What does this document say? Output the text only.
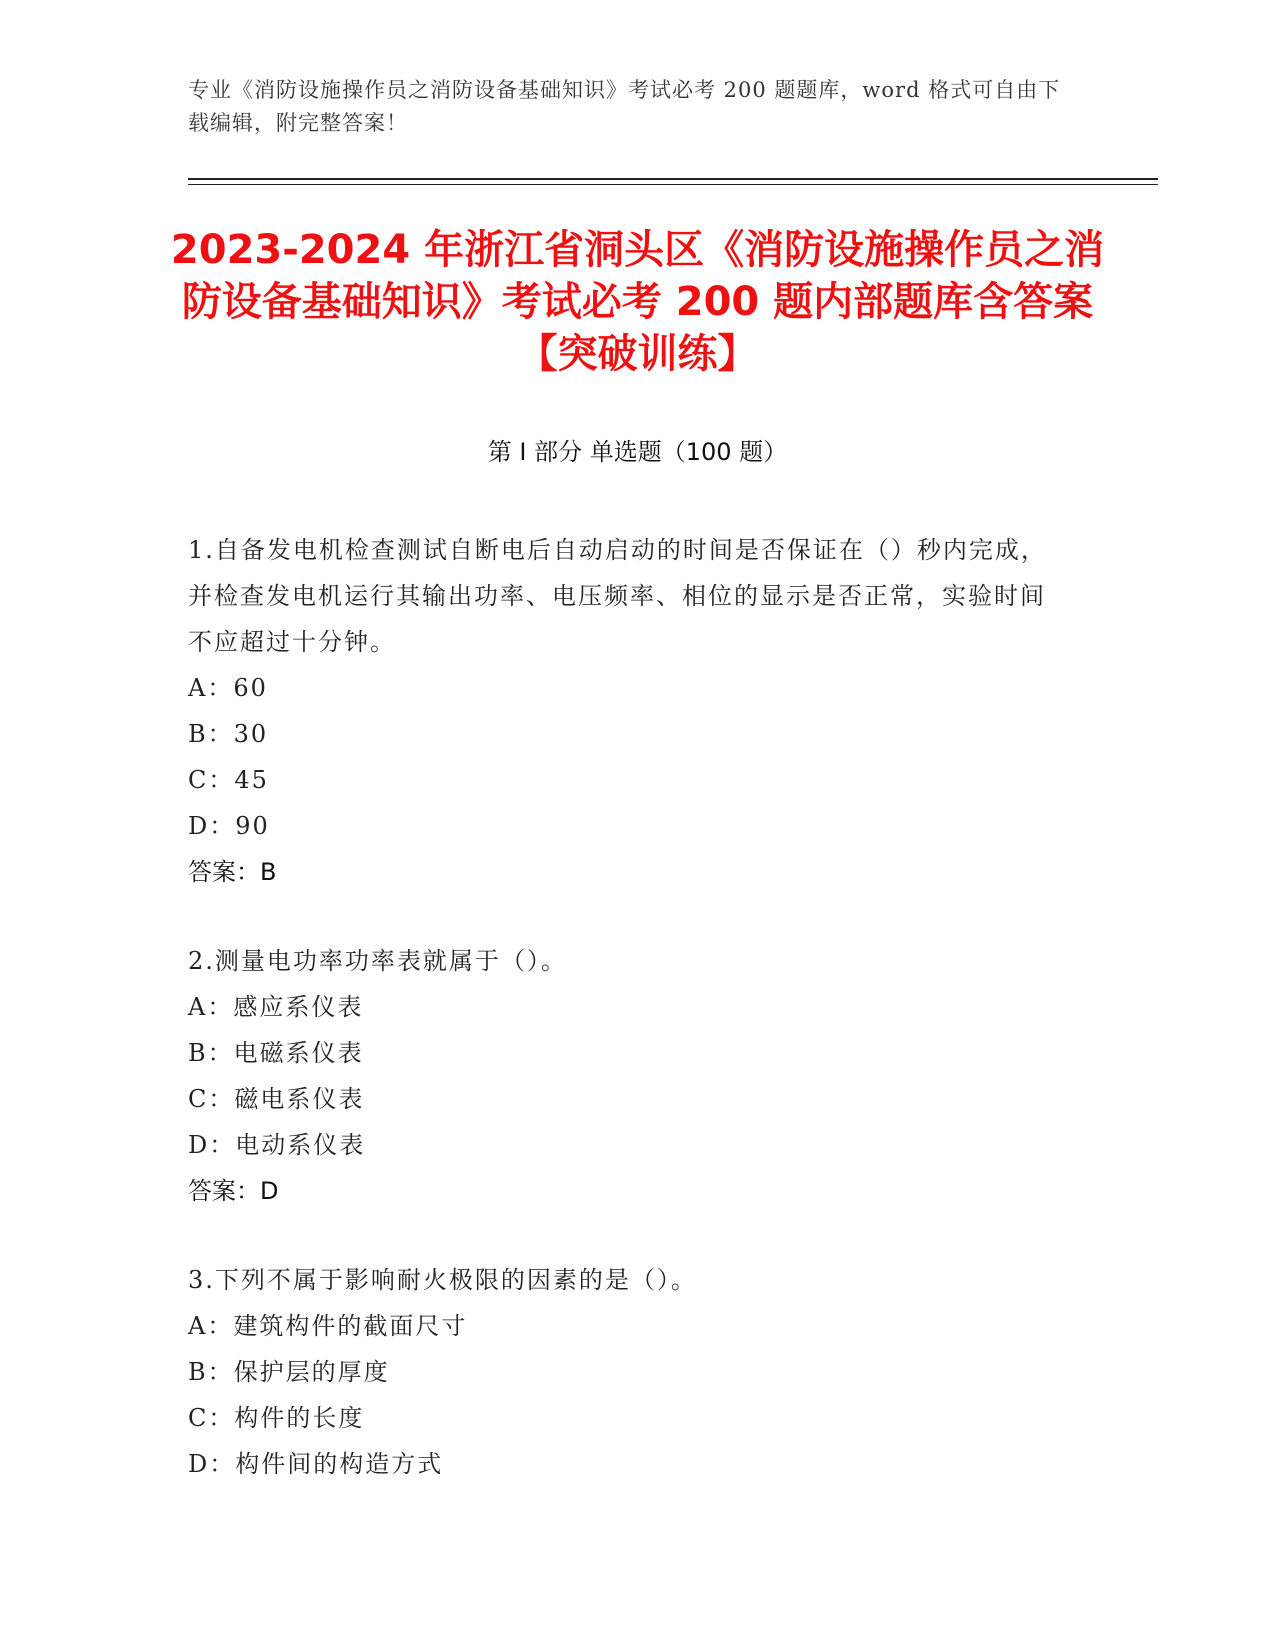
专业《消防设施操作员之消防设备基础知识》考试必考 200 题题库，word 格式可自由下载编辑，附完整答案！
2023-2024 年浙江省洞头区《消防设施操作员之消防设备基础知识》考试必考 200 题内部题库含答案【突破训练】
第 I 部分 单选题（100 题）

1.自备发电机检查测试自断电后自动启动的时间是否保证在（）秒内完成，并检查发电机运行其输出功率、电压频率、相位的显示是否正常，实验时间不应超过十分钟。

A：60
B：30
C：45
D：90
答案：B

2.测量电功率功率表就属于（）。

A：感应系仪表
B：电磁系仪表
C：磁电系仪表
D：电动系仪表
答案：D

3.下列不属于影响耐火极限的因素的是（）。

A：建筑构件的截面尺寸
B：保护层的厚度
C：构件的长度
D：构件间的构造方式
